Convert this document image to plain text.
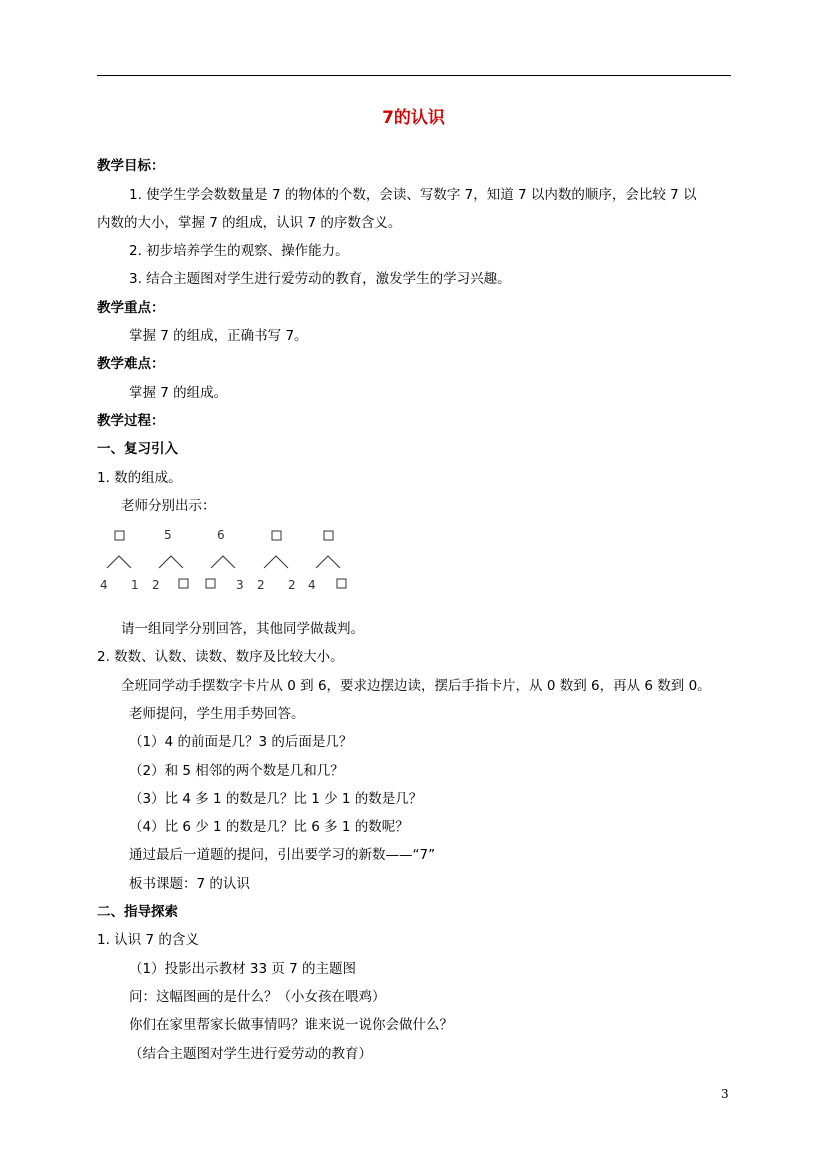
7的认识
教学目标：
1. 使学生学会数数量是 7 的物体的个数，会读、写数字 7，知道 7 以内数的顺序，会比较 7 以
内数的大小，掌握 7 的组成，认识 7 的序数含义。
2. 初步培养学生的观察、操作能力。
3. 结合主题图对学生进行爱劳动的教育，激发学生的学习兴趣。
教学重点：
掌握 7 的组成，正确书写 7。
教学难点：
掌握 7 的组成。
教学过程：
一、复习引入
1. 数的组成。
老师分别出示：
4 1
5
2
6
3 2 2 4
请一组同学分别回答，其他同学做裁判。
2. 数数、认数、读数、数序及比较大小。
全班同学动手摆数字卡片从 0 到 6，要求边摆边读，摆后手指卡片，从 0 数到 6，再从 6 数到 0。
老师提问，学生用手势回答。
（1）4 的前面是几？3 的后面是几？
（2）和 5 相邻的两个数是几和几？
（3）比 4 多 1 的数是几？比 1 少 1 的数是几？
（4）比 6 少 1 的数是几？比 6 多 1 的数呢？
通过最后一道题的提问，引出要学习的新数——“7”
板书课题：7 的认识
二、指导探索
1. 认识 7 的含义
（1）投影出示教材 33 页 7 的主题图
问：这幅图画的是什么？（小女孩在喂鸡）
你们在家里帮家长做事情吗？谁来说一说你会做什么？
（结合主题图对学生进行爱劳动的教育）
3
